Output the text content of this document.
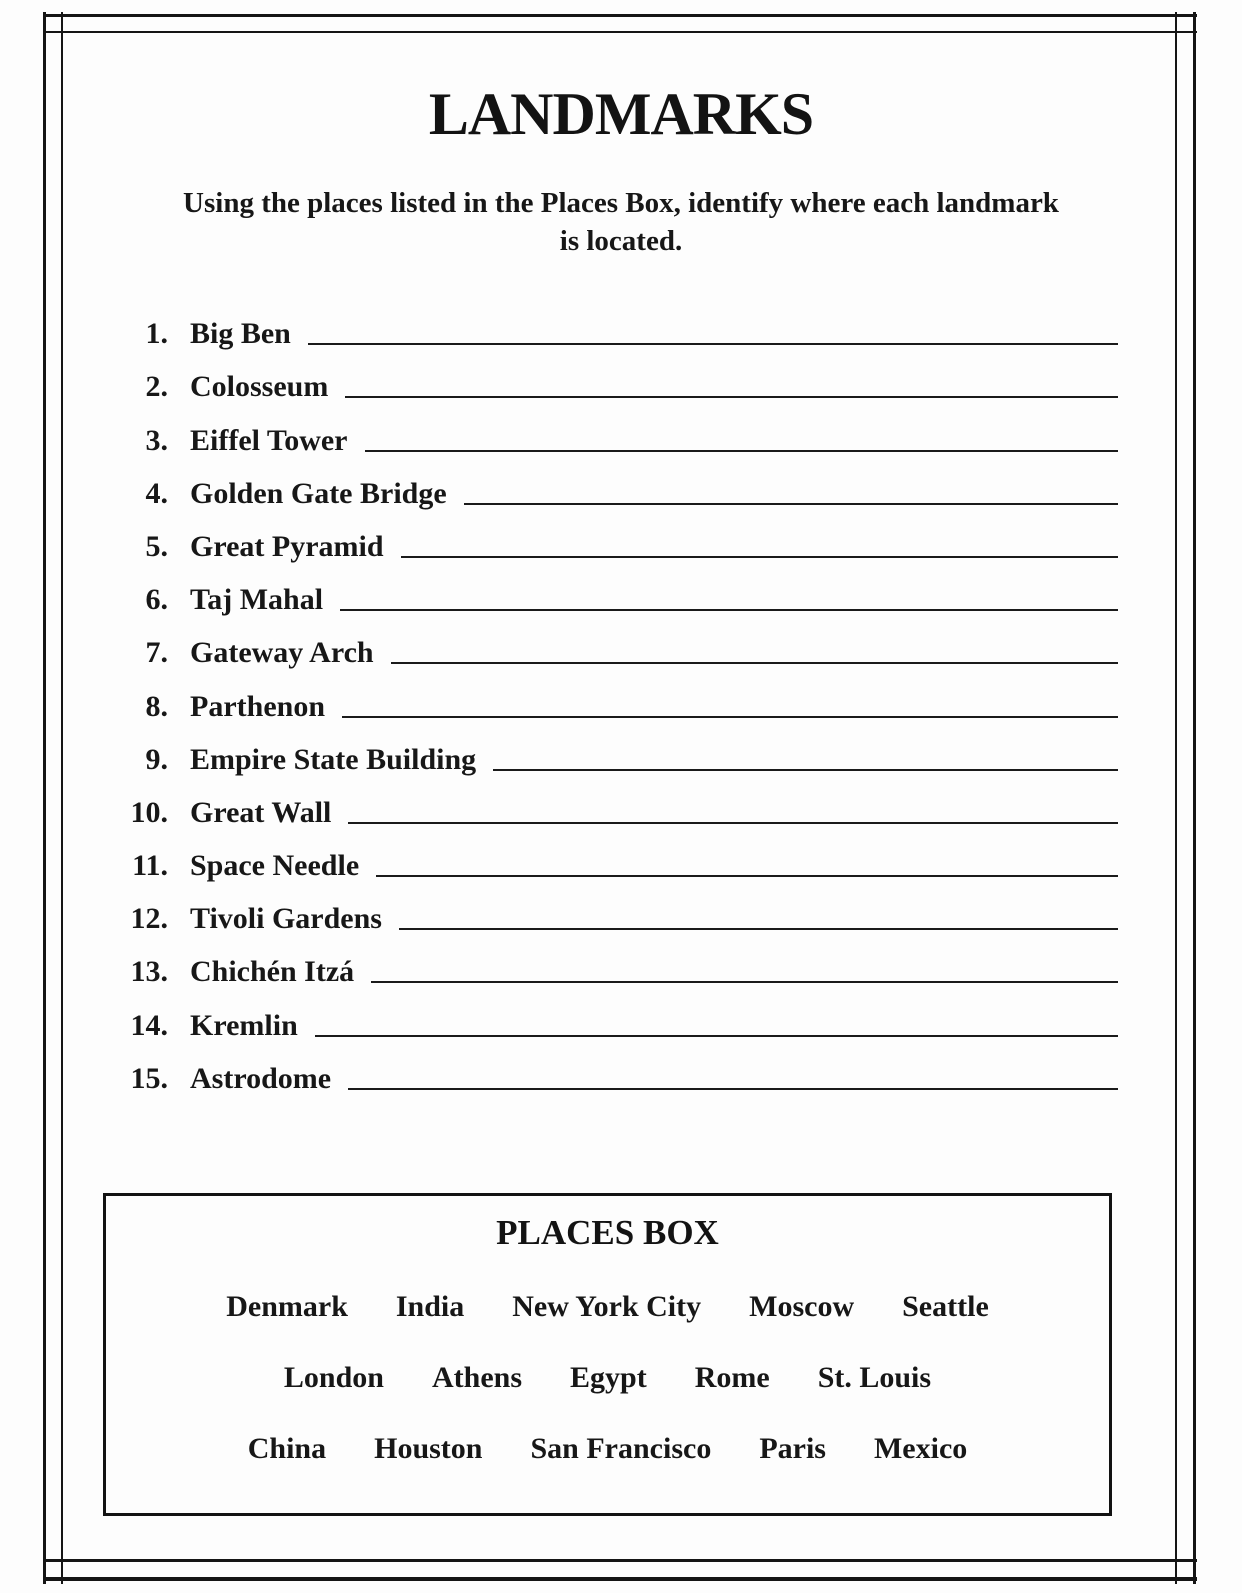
LANDMARKS
Using the places listed in the Places Box, identify where each landmark
is located.
1. Big Ben
2. Colosseum
3. Eiffel Tower
4. Golden Gate Bridge
5. Great Pyramid
6. Taj Mahal
7. Gateway Arch
8. Parthenon
9. Empire State Building
10. Great Wall
11. Space Needle
12. Tivoli Gardens
13. Chichén Itzá
14. Kremlin
15. Astrodome
PLACES BOX
Denmark India New York City Moscow Seattle
London Athens Egypt Rome St. Louis
China Houston San Francisco Paris Mexico
